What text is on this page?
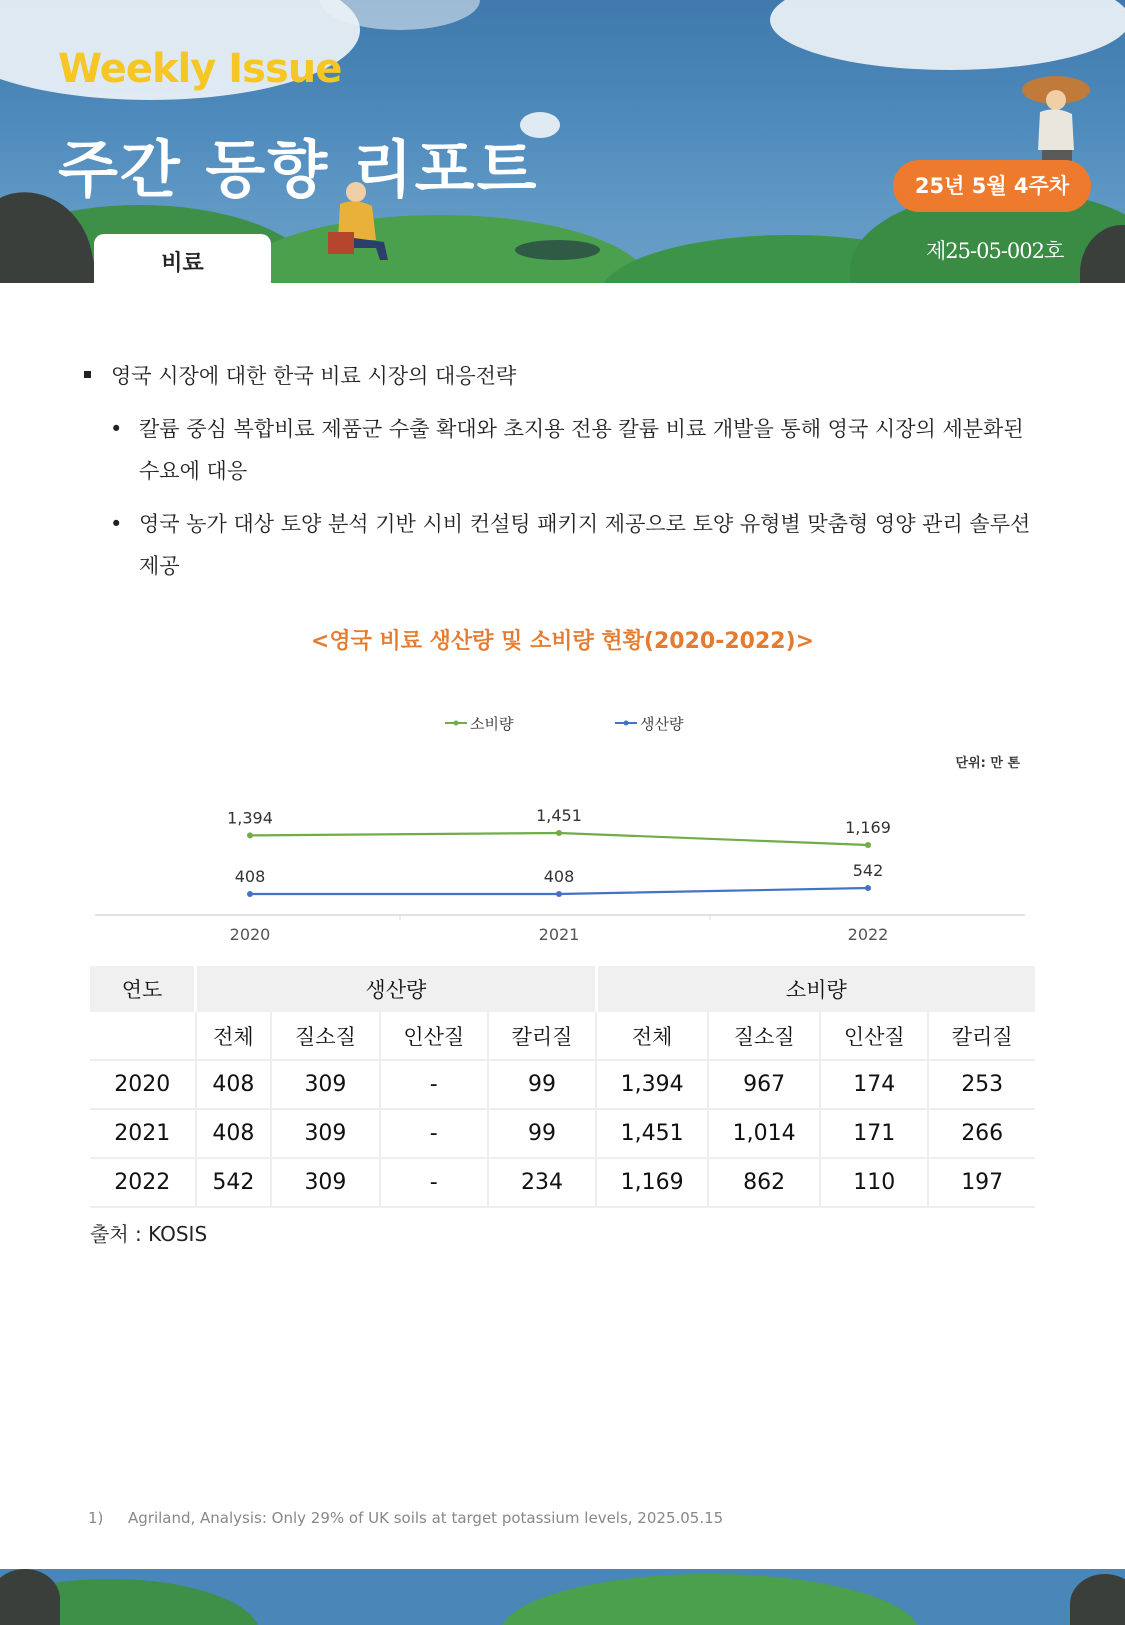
Weekly Issue
주간 동향 리포트	25년 5월 4주차
제25-05-002호
비료
영국 시장에 대한 한국 비료 시장의 대응전략
• 칼륨 중심 복합비료 제품군 수출 확대와 초지용 전용 칼륨 비료 개발을 통해 영국 시장의 세분화된 수요에 대응
• 영국 농가 대상 토양 분석 기반 시비 컨설팅 패키지 제공으로 토양 유형별 맞춤형 영양 관리 솔루션 제공
<영국 비료 생산량 및 소비량 현황(2020-2022)>
소비량	생산량
단위: 만 톤
2020	2021	2022
1,394	1,451
1,169
408	408	542
연도	생산량				소비량			
	전체	질소질	인산질	칼리질	전체	질소질	인산질	칼리질
2020	408	309	-	99	1,394	967	174	253
2021	408	309	-	99	1,451	1,014	171	266
2022	542	309	-	234	1,169	862	110	197
출처 : KOSIS
1) Agriland, Analysis: Only 29% of UK soils at target potassium levels, 2025.05.15
